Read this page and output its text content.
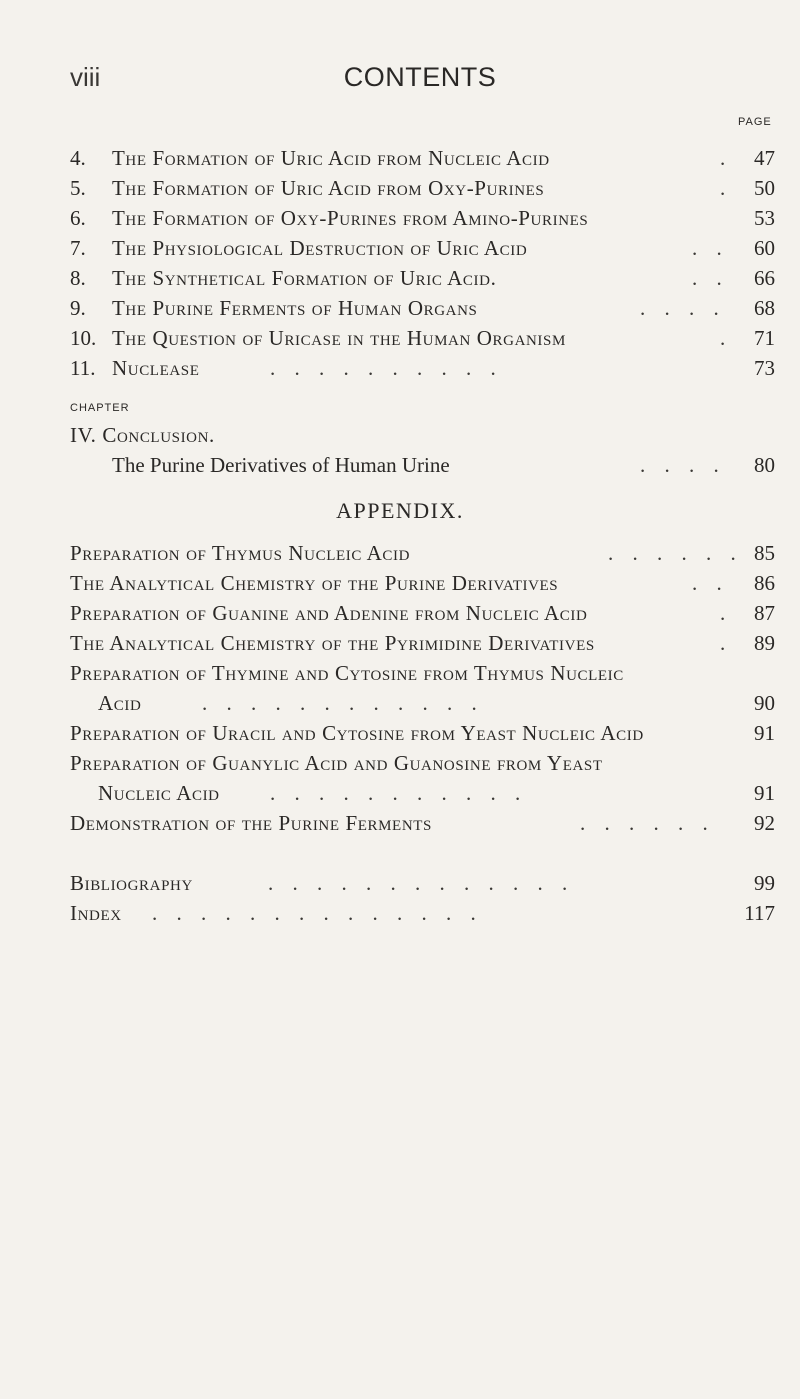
viii	CONTENTS
PAGE
4.	The Formation of Uric Acid from Nucleic Acid	.	47
5.	The Formation of Uric Acid from Oxy-Purines	.	50
6.	The Formation of Oxy-Purines from Amino-Purines	53
7.	The Physiological Destruction of Uric Acid	. .	60
8.	The Synthetical Formation of Uric Acid.	. .	66
9.	The Purine Ferments of Human Organs	. . . .	68
10. The Question of Uricase in the Human Organism	.	71
11. Nuclease	. . . . . . . . . .	73
CHAPTER
IV. Conclusion.
The Purine Derivatives of Human Urine	. . . .	80
APPENDIX.
Preparation of Thymus Nucleic Acid	. . . . . . 85
The Analytical Chemistry of the Purine Derivatives	. .	86
Preparation of Guanine and Adenine from Nucleic Acid	.	87
The Analytical Chemistry of the Pyrimidine Derivatives	.	89
Preparation of Thymine and Cytosine from Thymus Nucleic
Acid	. . . . . . . . . . . .	90
Preparation of Uracil and Cytosine from Yeast Nucleic Acid	91
Preparation of Guanylic Acid and Guanosine from Yeast
Nucleic Acid . . . . . . . . . . .	91
Demonstration of the Purine Ferments	. . . . . .	92
Bibliography	. . . . . . . . . . . . .	99
Index . . . . . . . . . . . . . .	117
